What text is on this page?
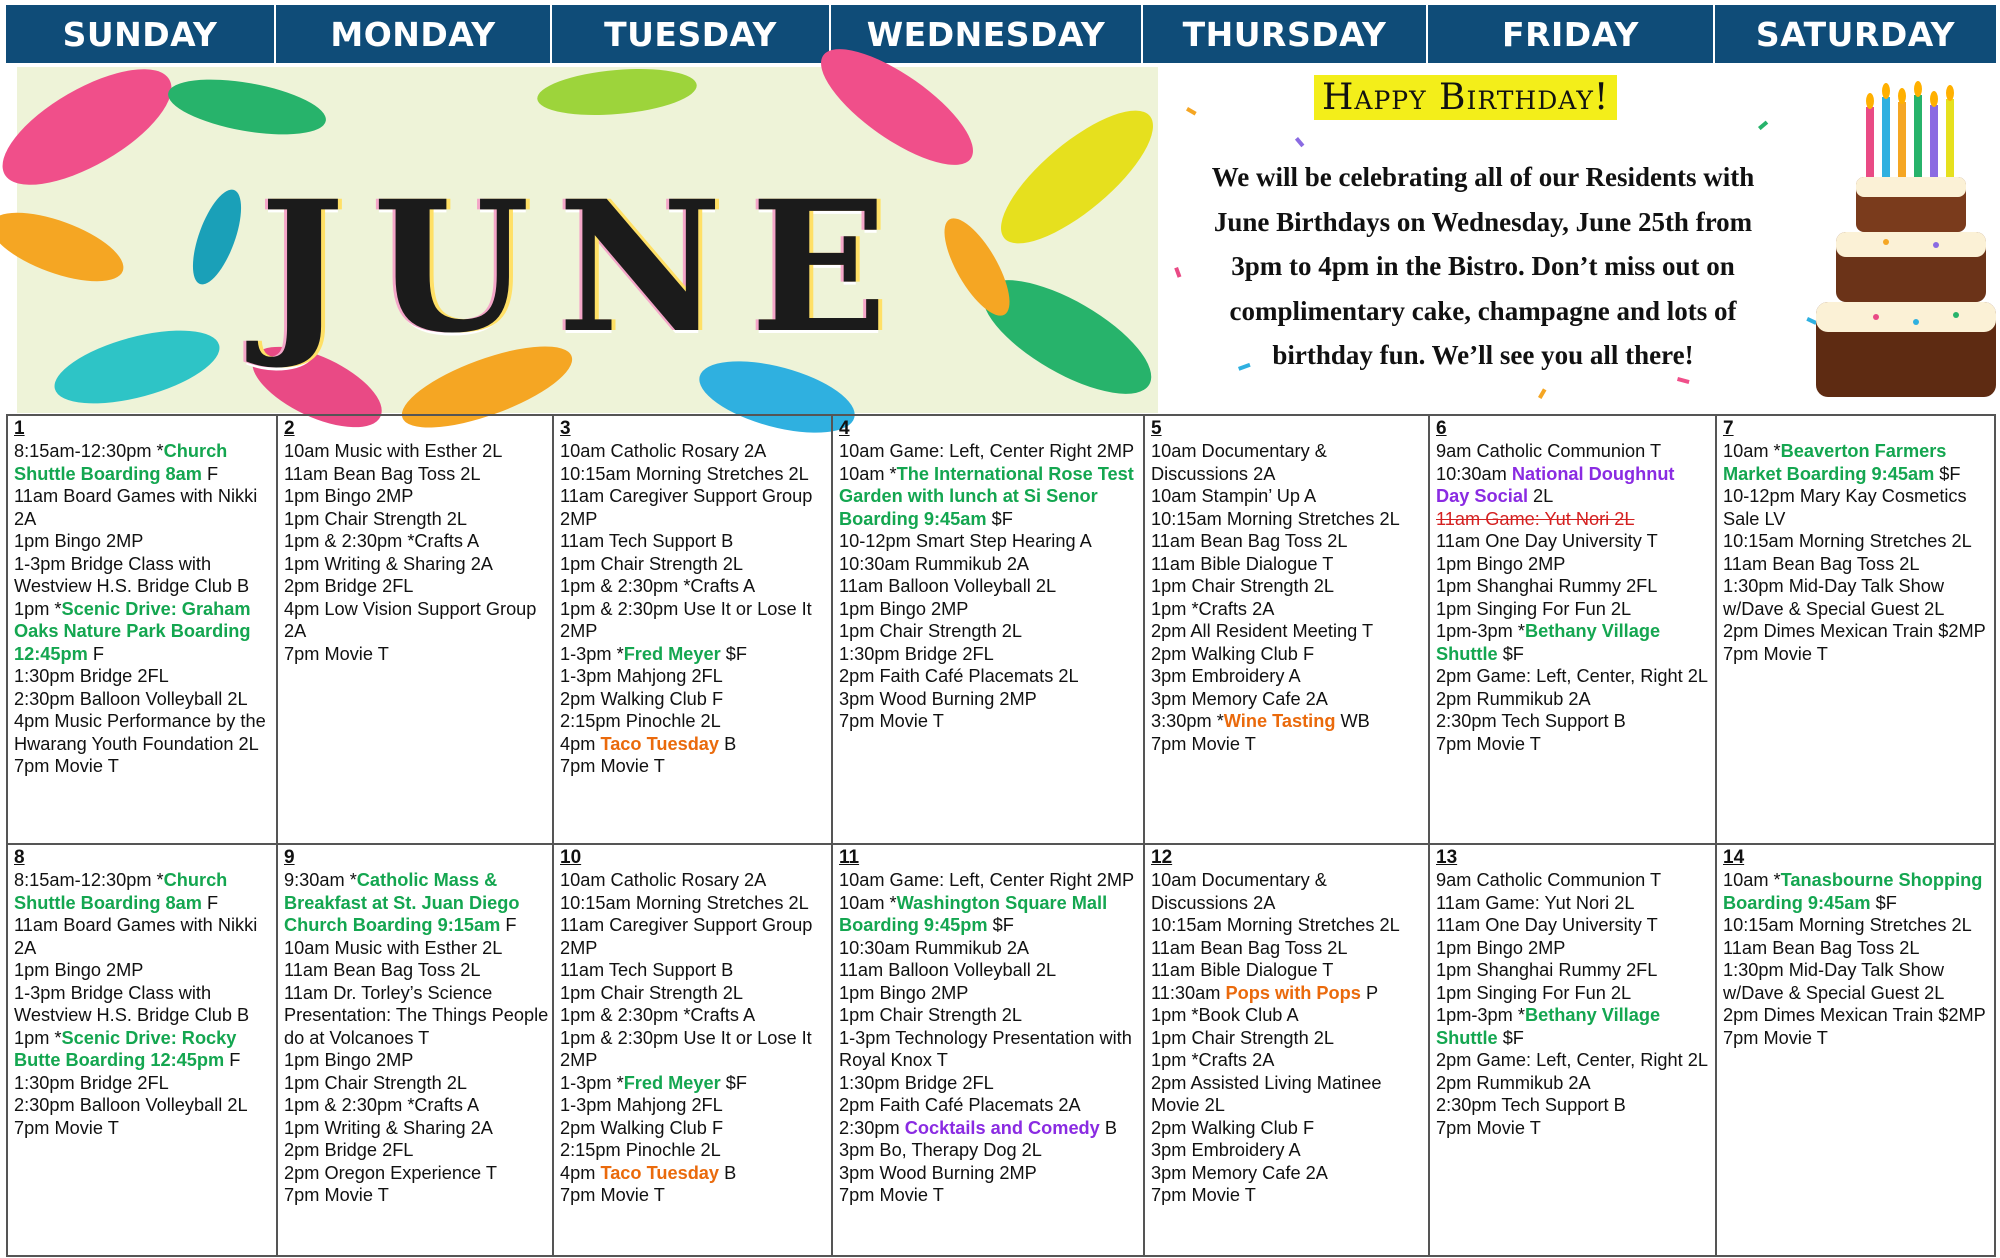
SUNDAY	MONDAY	TUESDAY	WEDNESDAY	THURSDAY	FRIDAY	SATURDAY
JUNE
Happy Birthday!
We will be celebrating all of our Residents with
June Birthdays on Wednesday, June 25th from
3pm to 4pm in the Bistro. Don’t miss out on
complimentary cake, champagne and lots of
birthday fun. We’ll see you all there!
1
8:15am-12:30pm *Church Shuttle Boarding 8am F
11am Board Games with Nikki 2A
1pm Bingo 2MP
1-3pm Bridge Class with Westview H.S. Bridge Club B
1pm *Scenic Drive: Graham Oaks Nature Park Boarding 12:45pm F
1:30pm Bridge 2FL
2:30pm Balloon Volleyball 2L
4pm Music Performance by the Hwarang Youth Foundation 2L
7pm Movie T
2
10am Music with Esther 2L
11am Bean Bag Toss 2L
1pm Bingo 2MP
1pm Chair Strength 2L
1pm & 2:30pm *Crafts A
1pm Writing & Sharing 2A
2pm Bridge 2FL
4pm Low Vision Support Group 2A
7pm Movie T
3
10am Catholic Rosary 2A
10:15am Morning Stretches 2L
11am Caregiver Support Group 2MP
11am Tech Support B
1pm Chair Strength 2L
1pm & 2:30pm *Crafts A
1pm & 2:30pm Use It or Lose It 2MP
1-3pm *Fred Meyer $F
1-3pm Mahjong 2FL
2pm Walking Club F
2:15pm Pinochle 2L
4pm Taco Tuesday B
7pm Movie T
4
10am Game: Left, Center Right 2MP
10am *The International Rose Test Garden with lunch at Si Senor Boarding 9:45am $F
10-12pm Smart Step Hearing A
10:30am Rummikub 2A
11am Balloon Volleyball 2L
1pm Bingo 2MP
1pm Chair Strength 2L
1:30pm Bridge 2FL
2pm Faith Café Placemats 2L
3pm Wood Burning 2MP
7pm Movie T
5
10am Documentary & Discussions 2A
10am Stampin’ Up A
10:15am Morning Stretches 2L
11am Bean Bag Toss 2L
11am Bible Dialogue T
1pm Chair Strength 2L
1pm *Crafts 2A
2pm All Resident Meeting T
2pm Walking Club F
3pm Embroidery A
3pm Memory Cafe 2A
3:30pm *Wine Tasting WB
7pm Movie T
6
9am Catholic Communion T
10:30am National Doughnut Day Social 2L
11am Game: Yut Nori 2L
11am One Day University T
1pm Bingo 2MP
1pm Shanghai Rummy 2FL
1pm Singing For Fun 2L
1pm-3pm *Bethany Village Shuttle $F
2pm Game: Left, Center, Right 2L
2pm Rummikub 2A
2:30pm Tech Support B
7pm Movie T
7
10am *Beaverton Farmers Market Boarding 9:45am $F
10-12pm Mary Kay Cosmetics Sale LV
10:15am Morning Stretches 2L
11am Bean Bag Toss 2L
1:30pm Mid-Day Talk Show w/Dave & Special Guest 2L
2pm Dimes Mexican Train $2MP
7pm Movie T
8
8:15am-12:30pm *Church Shuttle Boarding 8am F
11am Board Games with Nikki 2A
1pm Bingo 2MP
1-3pm Bridge Class with Westview H.S. Bridge Club B
1pm *Scenic Drive: Rocky Butte Boarding 12:45pm F
1:30pm Bridge 2FL
2:30pm Balloon Volleyball 2L
7pm Movie T
9
9:30am *Catholic Mass & Breakfast at St. Juan Diego Church Boarding 9:15am F
10am Music with Esther 2L
11am Bean Bag Toss 2L
11am Dr. Torley’s Science Presentation: The Things People do at Volcanoes T
1pm Bingo 2MP
1pm Chair Strength 2L
1pm & 2:30pm *Crafts A
1pm Writing & Sharing 2A
2pm Bridge 2FL
2pm Oregon Experience T
7pm Movie T
10
10am Catholic Rosary 2A
10:15am Morning Stretches 2L
11am Caregiver Support Group 2MP
11am Tech Support B
1pm Chair Strength 2L
1pm & 2:30pm *Crafts A
1pm & 2:30pm Use It or Lose It 2MP
1-3pm *Fred Meyer $F
1-3pm Mahjong 2FL
2pm Walking Club F
2:15pm Pinochle 2L
4pm Taco Tuesday B
7pm Movie T
11
10am Game: Left, Center Right 2MP
10am *Washington Square Mall Boarding 9:45pm $F
10:30am Rummikub 2A
11am Balloon Volleyball 2L
1pm Bingo 2MP
1pm Chair Strength 2L
1-3pm Technology Presentation with Royal Knox T
1:30pm Bridge 2FL
2pm Faith Café Placemats 2A
2:30pm Cocktails and Comedy B
3pm Bo, Therapy Dog 2L
3pm Wood Burning 2MP
7pm Movie T
12
10am Documentary & Discussions 2A
10:15am Morning Stretches 2L
11am Bean Bag Toss 2L
11am Bible Dialogue T
11:30am Pops with Pops P
1pm *Book Club A
1pm Chair Strength 2L
1pm *Crafts 2A
2pm Assisted Living Matinee Movie 2L
2pm Walking Club F
3pm Embroidery A
3pm Memory Cafe 2A
7pm Movie T
13
9am Catholic Communion T
11am Game: Yut Nori 2L
11am One Day University T
1pm Bingo 2MP
1pm Shanghai Rummy 2FL
1pm Singing For Fun 2L
1pm-3pm *Bethany Village Shuttle $F
2pm Game: Left, Center, Right 2L
2pm Rummikub 2A
2:30pm Tech Support B
7pm Movie T
14
10am *Tanasbourne Shopping Boarding 9:45am $F
10:15am Morning Stretches 2L
11am Bean Bag Toss 2L
1:30pm Mid-Day Talk Show w/Dave & Special Guest 2L
2pm Dimes Mexican Train $2MP
7pm Movie T
